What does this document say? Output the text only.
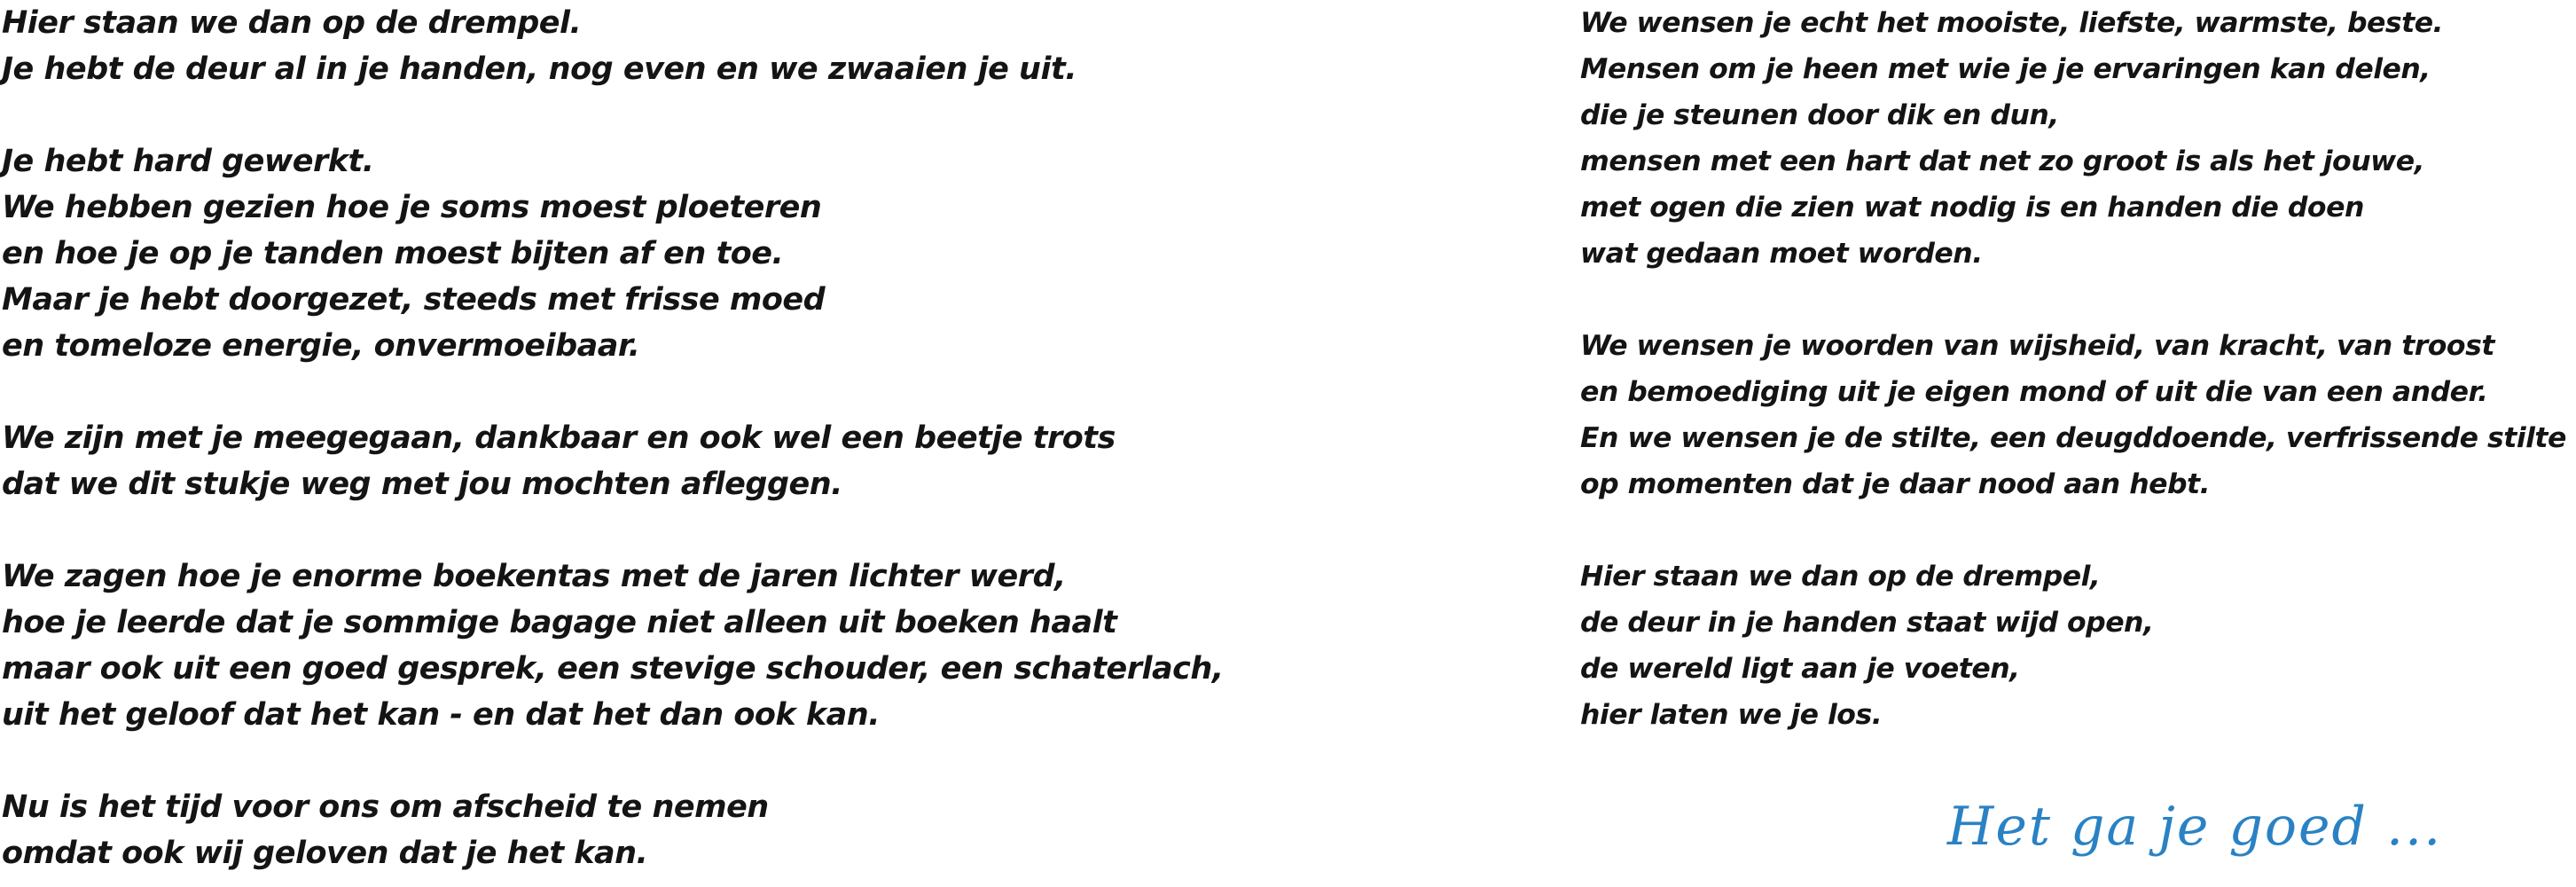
Hier staan we dan op de drempel.
Je hebt de deur al in je handen, nog even en we zwaaien je uit.
Je hebt hard gewerkt.
We hebben gezien hoe je soms moest ploeteren
en hoe je op je tanden moest bijten af en toe.
Maar je hebt doorgezet, steeds met frisse moed
en tomeloze energie, onvermoeibaar.
We zijn met je meegegaan, dankbaar en ook wel een beetje trots
dat we dit stukje weg met jou mochten afleggen.
We zagen hoe je enorme boekentas met de jaren lichter werd,
hoe je leerde dat je sommige bagage niet alleen uit boeken haalt
maar ook uit een goed gesprek, een stevige schouder, een schaterlach,
uit het geloof dat het kan - en dat het dan ook kan.
Nu is het tijd voor ons om afscheid te nemen
omdat ook wij geloven dat je het kan.
We wensen je echt het mooiste, liefste, warmste, beste.
Mensen om je heen met wie je je ervaringen kan delen,
die je steunen door dik en dun,
mensen met een hart dat net zo groot is als het jouwe,
met ogen die zien wat nodig is en handen die doen
wat gedaan moet worden.
We wensen je woorden van wijsheid, van kracht, van troost
en bemoediging uit je eigen mond of uit die van een ander.
En we wensen je de stilte, een deugddoende, verfrissende stilte
op momenten dat je daar nood aan hebt.
Hier staan we dan op de drempel,
de deur in je handen staat wijd open,
de wereld ligt aan je voeten,
hier laten we je los.
Het ga je goed ...
